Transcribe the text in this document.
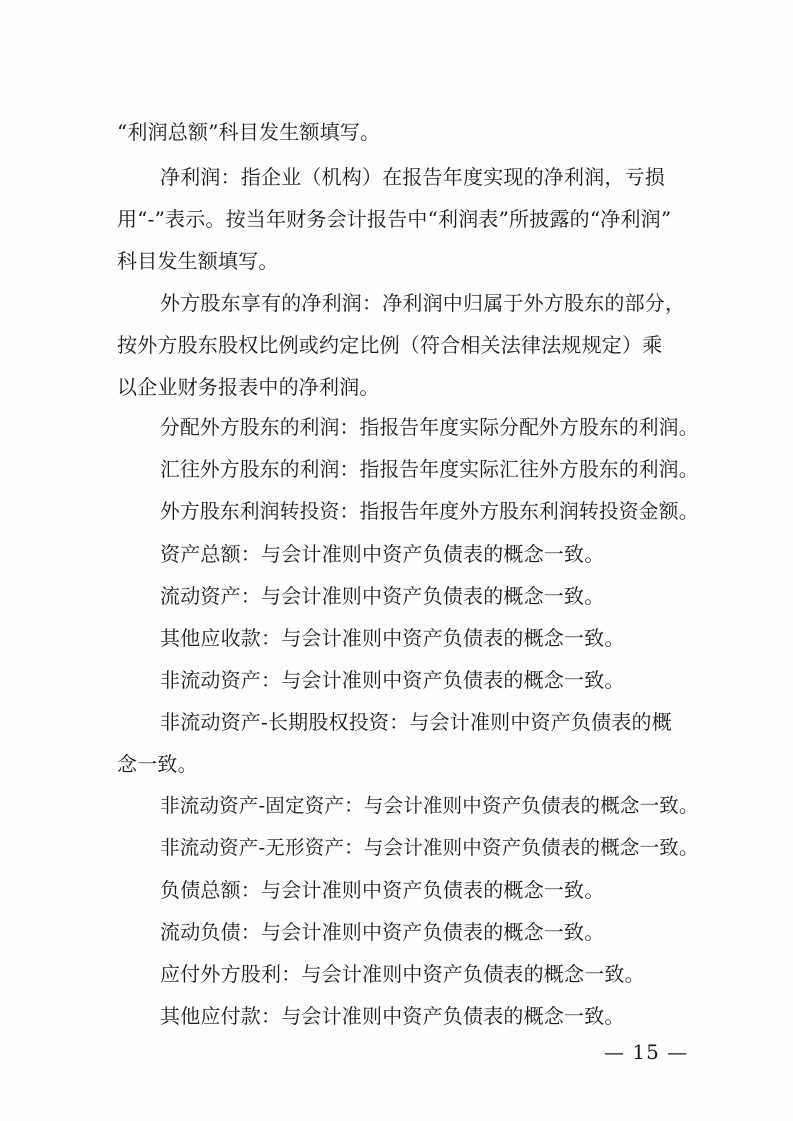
“利润总额”科目发生额填写。
净利润：指企业（机构）在报告年度实现的净利润，亏损
用“-”表示。按当年财务会计报告中“利润表”所披露的“净利润”
科目发生额填写。
外方股东享有的净利润：净利润中归属于外方股东的部分，
按外方股东股权比例或约定比例（符合相关法律法规规定）乘
以企业财务报表中的净利润。
分配外方股东的利润：指报告年度实际分配外方股东的利润。
汇往外方股东的利润：指报告年度实际汇往外方股东的利润。
外方股东利润转投资：指报告年度外方股东利润转投资金额。
资产总额：与会计准则中资产负债表的概念一致。
流动资产：与会计准则中资产负债表的概念一致。
其他应收款：与会计准则中资产负债表的概念一致。
非流动资产：与会计准则中资产负债表的概念一致。
非流动资产-长期股权投资：与会计准则中资产负债表的概
念一致。
非流动资产-固定资产：与会计准则中资产负债表的概念一致。
非流动资产-无形资产：与会计准则中资产负债表的概念一致。
负债总额：与会计准则中资产负债表的概念一致。
流动负债：与会计准则中资产负债表的概念一致。
应付外方股利：与会计准则中资产负债表的概念一致。
其他应付款：与会计准则中资产负债表的概念一致。
— 15 —
